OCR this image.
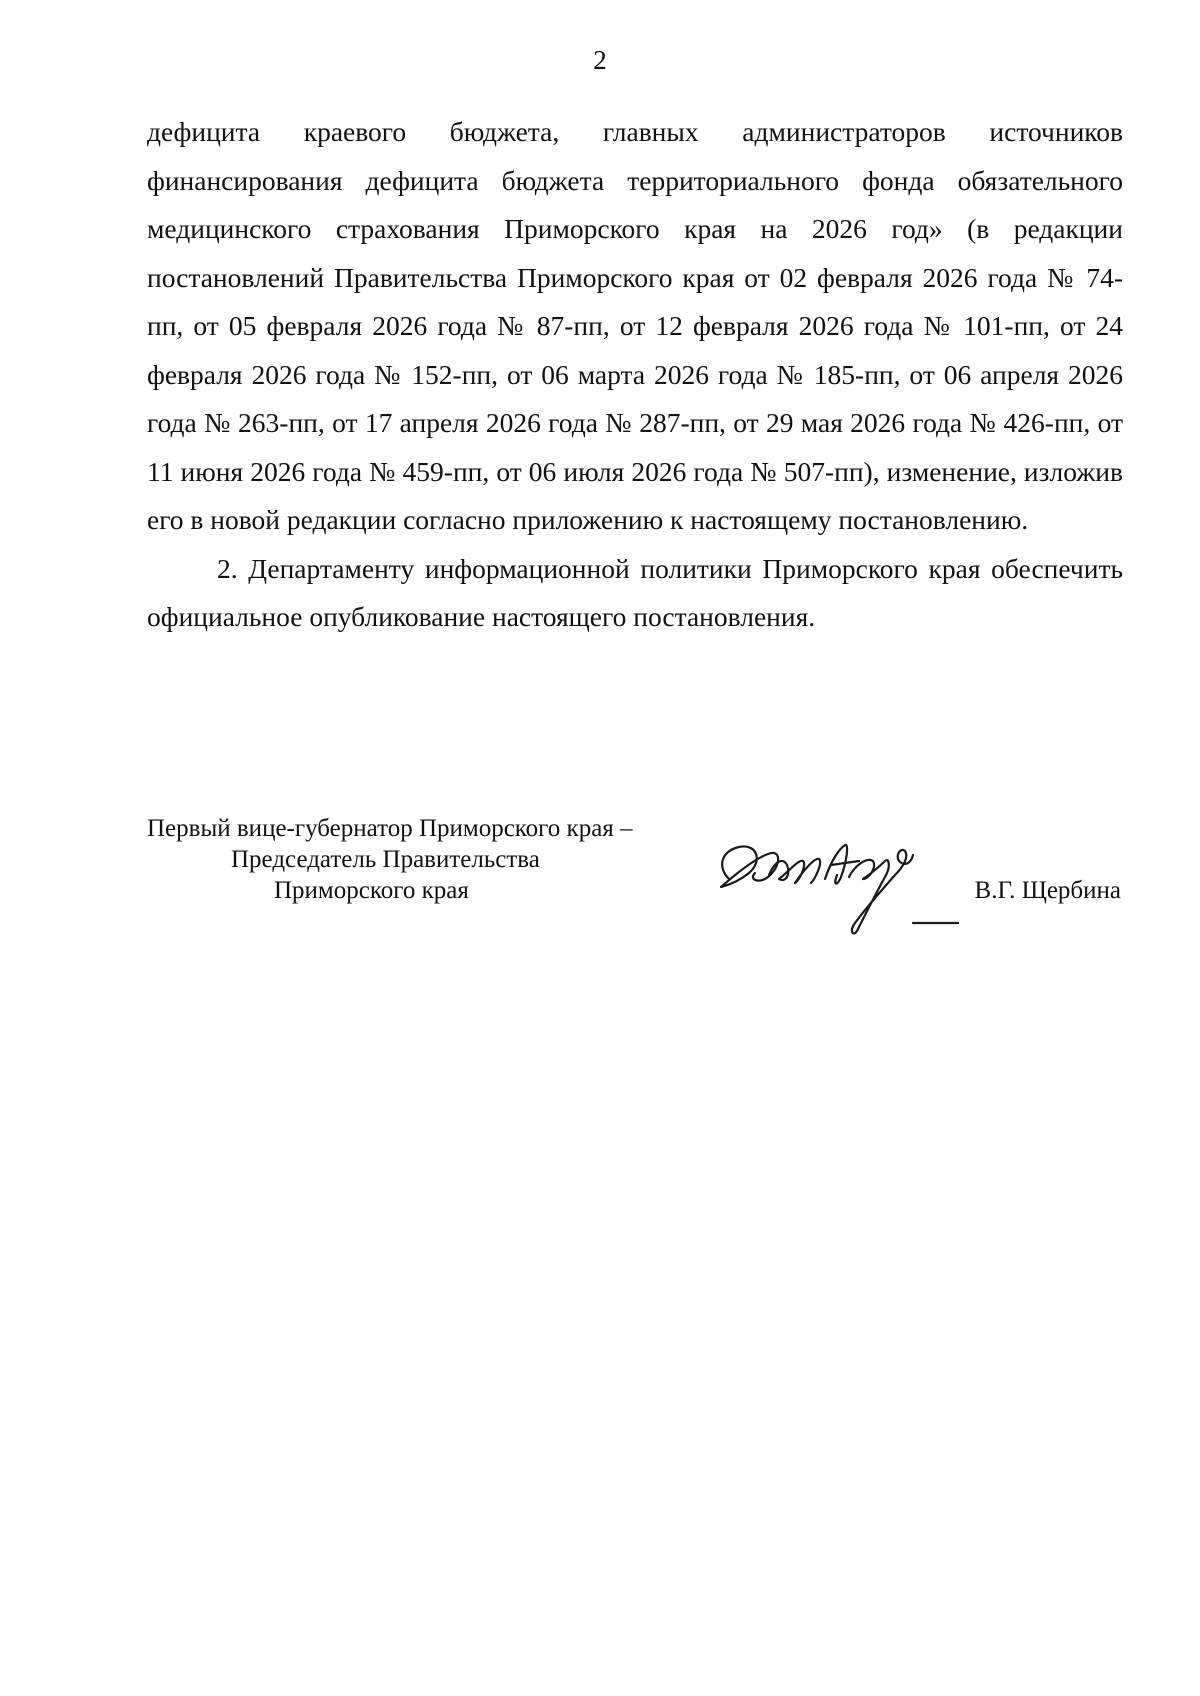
2

дефицита краевого бюджета, главных администраторов источников финансирования дефицита бюджета территориального фонда обязательного медицинского страхования Приморского края на 2026 год» (в редакции постановлений Правительства Приморского края от 02 февраля 2026 года № 74-пп, от 05 февраля 2026 года № 87-пп, от 12 февраля 2026 года № 101-пп, от 24 февраля 2026 года № 152-пп, от 06 марта 2026 года № 185-пп, от 06 апреля 2026 года № 263-пп, от 17 апреля 2026 года № 287-пп, от 29 мая 2026 года № 426-пп, от 11 июня 2026 года № 459-пп, от 06 июля 2026 года № 507-пп), изменение, изложив его в новой редакции согласно приложению к настоящему постановлению.

2. Департаменту информационной политики Приморского края обеспечить официальное опубликование настоящего постановления.

Первый вице-губернатор Приморского края –
Председатель Правительства
Приморского края	В.Г. Щербина
